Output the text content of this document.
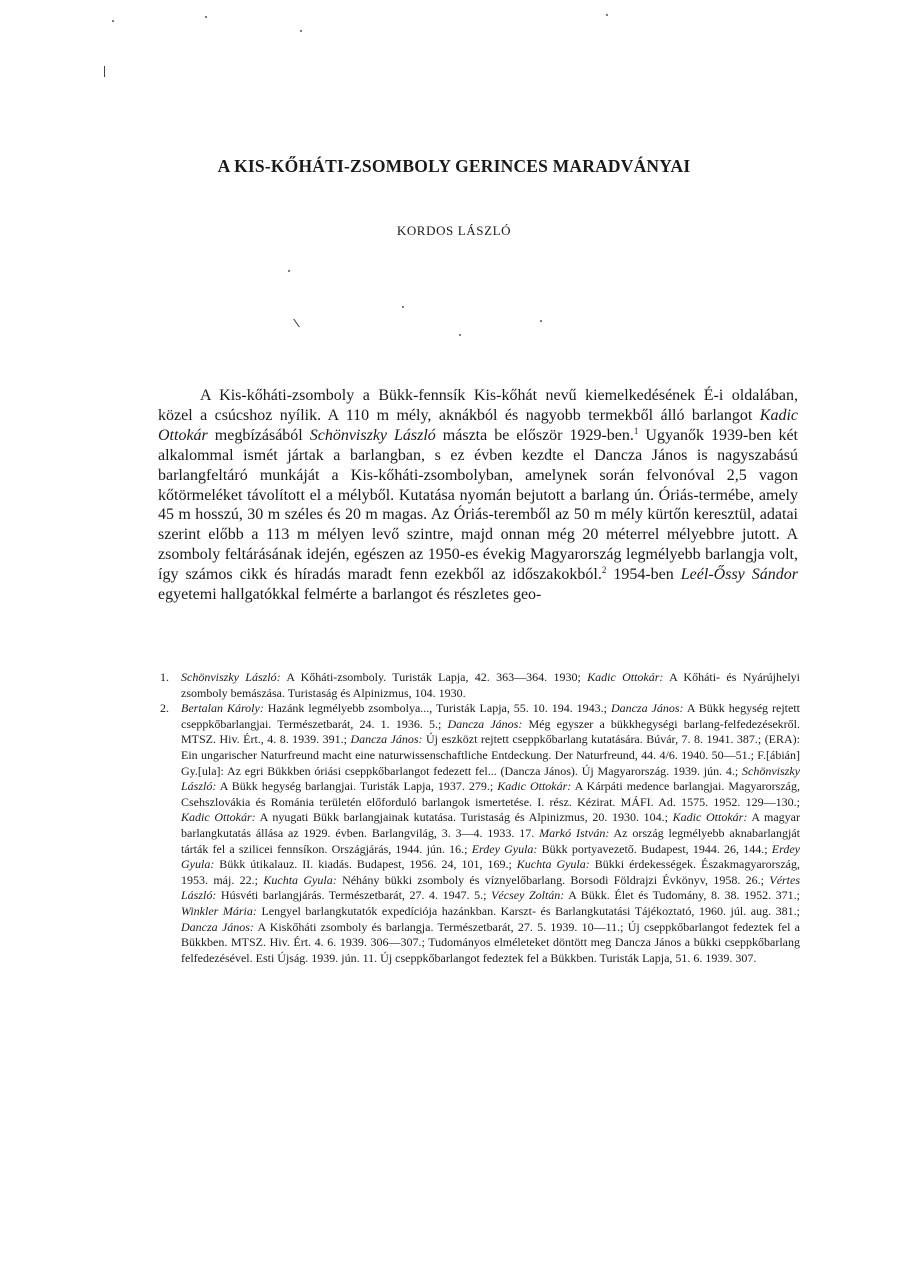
A KIS-KŐHÁTI-ZSOMBOLY GERINCES MARADVÁNYAI
KORDOS LÁSZLÓ

A Kis-kőháti-zsomboly a Bükk-fennsík Kis-kőhát nevű kiemelkedésének É-i oldalában, közel a csúcshoz nyílik. A 110 m mély, aknákból és nagyobb termekből álló barlangot Kadic Ottokár megbízásából Schönviszky László mászta be először 1929-ben.$^1$ Ugyanők 1939-ben két alkalommal ismét jártak a barlangban, s ez évben kezdte el Dancza János is nagyszabású barlangfeltáró munkáját a Kis-kőháti-zsombolyban, amelynek során felvonóval 2,5 vagon kőtörmeléket távolított el a mélyből. Kutatása nyomán bejutott a barlang ún. Óriás-termébe, amely 45 m hosszú, 30 m széles és 20 m magas. Az Óriás-teremből az 50 m mély kürtőn keresztül, adatai szerint előbb a 113 m mélyen levő szintre, majd onnan még 20 méterrel mélyebbre jutott. A zsomboly feltárásának idején, egészen az 1950-es évekig Magyarország legmélyebb barlangja volt, így számos cikk és híradás maradt fenn ezekből az időszakokból.$^2$ 1954-ben Leél-Őssy Sándor egyetemi hallgatókkal felmérte a barlangot és részletes geo-

1. Schönviszky László: A Kőháti-zsomboly. Turisták Lapja, 42. 363—364. 1930; Kadic Ottokár: A Kőháti- és Nyárújhelyi zsomboly bemászása. Turistaság és Alpinizmus, 104. 1930.

2. Bertalan Károly: Hazánk legmélyebb zsombolya..., Turisták Lapja, 55. 10. 194. 1943.; Dancza János: A Bükk hegység rejtett cseppkőbarlangjai. Természetbarát, 24. 1. 1936. 5.; Dancza János: Még egyszer a bükkhegységi barlang-felfedezésekről. MTSZ. Hiv. Ért., 4. 8. 1939. 391.; Dancza János: Új eszközt rejtett cseppkőbarlang kutatására. Búvár, 7. 8. 1941. 387.; (ERA): Ein ungarischer Naturfreund macht eine naturwissenschaftliche Entdeckung. Der Naturfreund, 44. 4/6. 1940. 50—51.; F.[ábián] Gy.[ula]: Az egri Bükkben óriási cseppkőbarlangot fedezett fel... (Dancza János). Új Magyarország. 1939. jún. 4.; Schönviszky László: A Bükk hegység barlangjai. Turisták Lapja, 1937. 279.; Kadic Ottokár: A Kárpáti medence barlangjai. Magyarország, Csehszlovákia és Románia területén előforduló barlangok ismertetése. I. rész. Kézirat. MÁFI. Ad. 1575. 1952. 129—130.; Kadic Ottokár: A nyugati Bükk barlangjainak kutatása. Turistaság és Alpinizmus, 20. 1930. 104.; Kadic Ottokár: A magyar barlangkutatás állása az 1929. évben. Barlangvilág, 3. 3—4. 1933. 17. Markó István: Az ország legmélyebb aknabarlangját tárták fel a szilicei fennsíkon. Országjárás, 1944. jún. 16.; Erdey Gyula: Bükk portyavezető. Budapest, 1944. 26, 144.; Erdey Gyula: Bükk útikalauz. II. kiadás. Budapest, 1956. 24, 101, 169.; Kuchta Gyula: Bükki érdekességek. Északmagyarország, 1953. máj. 22.; Kuchta Gyula: Néhány bükki zsomboly és víznyelőbarlang. Borsodi Földrajzi Évkönyv, 1958. 26.; Vértes László: Húsvéti barlangjárás. Természetbarát, 27. 4. 1947. 5.; Vécsey Zoltán: A Bükk. Élet és Tudomány, 8. 38. 1952. 371.; Winkler Mária: Lengyel barlangkutatók expedíciója hazánkban. Karszt- és Barlangkutatási Tájékoztató, 1960. júl. aug. 381.; Dancza János: A Kiskőháti zsomboly és barlangja. Természetbarát, 27. 5. 1939. 10—11.; Új cseppkőbarlangot fedeztek fel a Bükkben. MTSZ. Hiv. Ért. 4. 6. 1939. 306—307.; Tudományos elméleteket döntött meg Dancza János a bükki cseppkőbarlang felfedezésével. Esti Újság. 1939. jún. 11. Új cseppkőbarlangot fedeztek fel a Bükkben. Turisták Lapja, 51. 6. 1939. 307.
